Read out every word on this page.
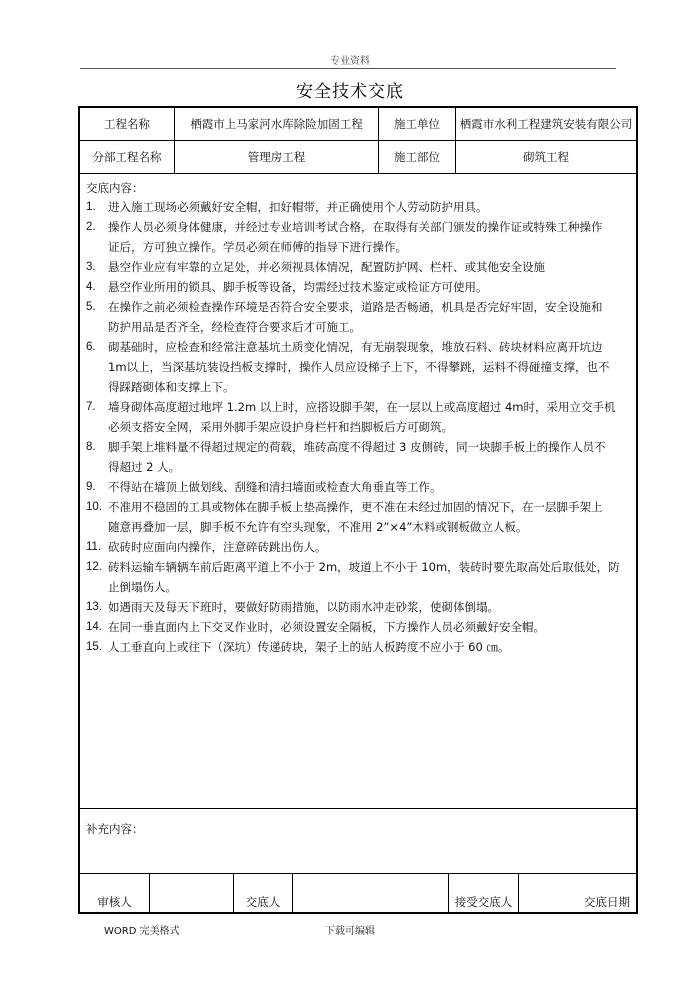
专业资料
安全技术交底
工程名称	栖霞市上马家河水库除险加固工程	施工单位	栖霞市水利工程建筑安装有限公司
分部工程名称	管理房工程	施工部位	砌筑工程
交底内容：
1.	进入施工现场必须戴好安全帽，扣好帽带，并正确使用个人劳动防护用具。
2.	操作人员必须身体健康，并经过专业培训考试合格，在取得有关部门颁发的操作证或特殊工种操作
证后，方可独立操作。学员必须在师傅的指导下进行操作。
3.	悬空作业应有牢靠的立足处，并必须视具体情况，配置防护网、栏杆、或其他安全设施
4.	悬空作业所用的锁具、脚手板等设备，均需经过技术鉴定或检证方可使用。
5.	在操作之前必须检查操作环境是否符合安全要求，道路是否畅通，机具是否完好牢固，安全设施和
防护用品是否齐全，经检查符合要求后才可施工。
6.	砌基础时，应检查和经常注意基坑土质变化情况，有无崩裂现象，堆放石料、砖块材料应离开坑边
1m以上，当深基坑装设挡板支撑时，操作人员应设梯子上下，不得攀跳，运料不得碰撞支撑，也不
得踩踏砌体和支撑上下。
7.	墙身砌体高度超过地坪 1.2m 以上时，应搭设脚手架，在一层以上或高度超过 4m时，采用立交手机
必须支搭安全网，采用外脚手架应设护身栏杆和挡脚板后方可砌筑。
8.	脚手架上堆料量不得超过规定的荷载，堆砖高度不得超过 3 皮侧砖，同一块脚手板上的操作人员不
得超过 2 人。
9.	不得站在墙顶上做划线、刮缝和清扫墙面或检查大角垂直等工作。
10. 不准用不稳固的工具或物体在脚手板上垫高操作，更不准在未经过加固的情况下，在一层脚手架上
随意再叠加一层，脚手板不允许有空头现象，不准用 2”×4”木料或钢板做立人板。
11. 砍砖时应面向内操作，注意碎砖跳出伤人。
12. 砖料运输车辆辆车前后距离平道上不小于 2m，坡道上不小于 10m，装砖时要先取高处后取低处，防
止倒塌伤人。
13. 如遇雨天及每天下班时，要做好防雨措施，以防雨水冲走砂浆，使砌体倒塌。
14. 在同一垂直面内上下交叉作业时，必须设置安全隔板，下方操作人员必须戴好安全帽。
15. 人工垂直向上或往下（深坑）传递砖块，架子上的站人板跨度不应小于 60 ㎝。
补充内容：
审核人	交底人	接受交底人	交底日期
WORD 完美格式	下载可编辑
